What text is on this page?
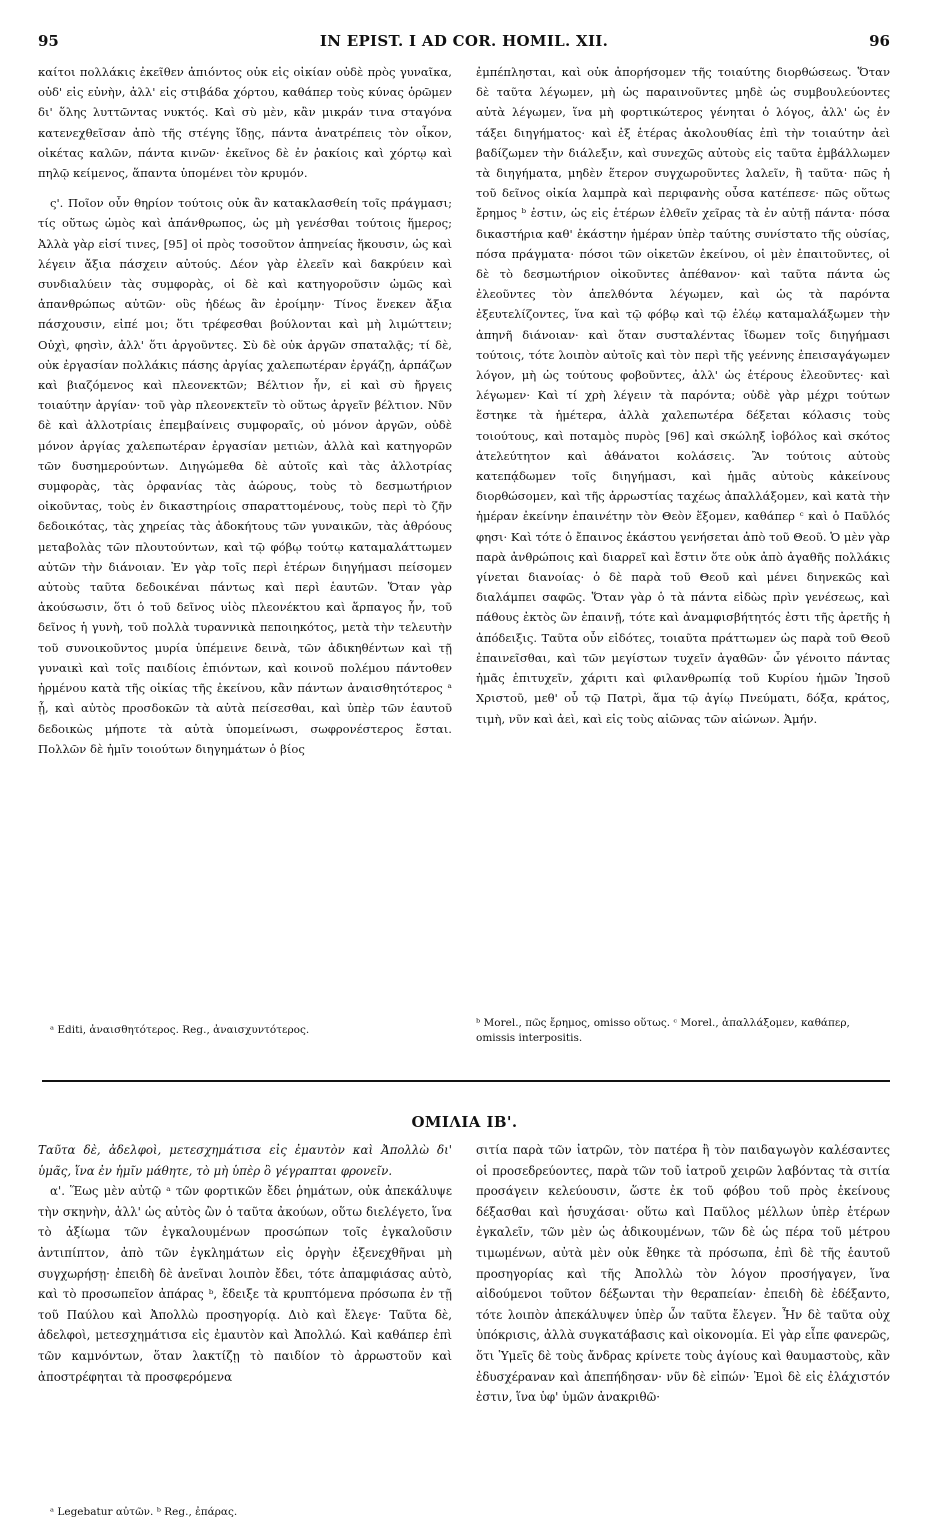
95	IN EPIST. I AD COR. HOMIL. XII.	96

καίτοι πολλάκις ἐκεῖθεν ἀπιόντος οὐκ εἰς οἰκίαν οὐδὲ πρὸς γυναῖκα, οὐδ' εἰς εὐνὴν, ἀλλ' εἰς στιβάδα χόρτου, καθάπερ τοὺς κύνας ὁρῶμεν δι' ὅλης λυττῶντας νυκτός. Καὶ σὺ μὲν, κἂν μικράν τινα σταγόνα κατενεχθεῖσαν ἀπὸ τῆς στέγης ἴδῃς, πάντα ἀνατρέπεις τὸν οἶκον, οἰκέτας καλῶν, πάντα κινῶν· ἐκεῖνος δὲ ἐν ῥακίοις καὶ χόρτῳ καὶ πηλῷ κείμενος, ἅπαντα ὑπομένει τὸν κρυμόν.

ς'. Ποῖον οὖν θηρίον τούτοις οὐκ ἂν κατακλασθείη τοῖς πράγμασι; τίς οὕτως ὠμὸς καὶ ἀπάνθρωπος, ὡς μὴ γενέσθαι τούτοις ἥμερος; Ἀλλὰ γὰρ εἰσί τινες, [95] οἱ πρὸς τοσοῦτον ἀπηνείας ἥκουσιν, ὡς καὶ λέγειν ἄξια πάσχειν αὐτούς. Δέον γὰρ ἐλεεῖν καὶ δακρύειν καὶ συνδιαλύειν τὰς συμφορὰς, οἱ δὲ καὶ κατηγοροῦσιν ὠμῶς καὶ ἀπανθρώπως αὐτῶν· οὓς ἡδέως ἂν ἐροίμην· Τίνος ἕνεκεν ἄξια πάσχουσιν, εἰπέ μοι; ὅτι τρέφεσθαι βούλονται καὶ μὴ λιμώττειν; Οὐχὶ, φησὶν, ἀλλ' ὅτι ἀργοῦντες. Σὺ δὲ οὐκ ἀργῶν σπαταλᾷς; τί δὲ, οὐκ ἐργασίαν πολλάκις πάσης ἀργίας χαλεπωτέραν ἐργάζῃ, ἁρπάζων καὶ βιαζόμενος καὶ πλεονεκτῶν; Βέλτιον ἦν, εἰ καὶ σὺ ἤργεις τοιαύτην ἀργίαν· τοῦ γὰρ πλεονεκτεῖν τὸ οὕτως ἀργεῖν βέλτιον. Νῦν δὲ καὶ ἀλλοτρίαις ἐπεμβαίνεις συμφοραῖς, οὐ μόνον ἀργῶν, οὐδὲ μόνον ἀργίας χαλεπωτέραν ἐργασίαν μετιὼν, ἀλλὰ καὶ κατηγορῶν τῶν δυσημερούντων. Διηγώμεθα δὲ αὐτοῖς καὶ τὰς ἀλλοτρίας συμφορὰς, τὰς ὀρφανίας τὰς ἀώρους, τοὺς τὸ δεσμωτήριον οἰκοῦντας, τοὺς ἐν δικαστηρίοις σπαραττομένους, τοὺς περὶ τὸ ζῆν δεδοικότας, τὰς χηρείας τὰς ἀδοκήτους τῶν γυναικῶν, τὰς ἀθρόους μεταβολὰς τῶν πλουτούντων, καὶ τῷ φόβῳ τούτῳ καταμαλάττωμεν αὐτῶν τὴν διάνοιαν. Ἐν γὰρ τοῖς περὶ ἑτέρων διηγήμασι πείσομεν αὐτοὺς ταῦτα δεδοικέναι πάντως καὶ περὶ ἑαυτῶν. Ὅταν γὰρ ἀκούσωσιν, ὅτι ὁ τοῦ δεῖνος υἱὸς πλεονέκτου καὶ ἅρπαγος ἦν, τοῦ δεῖνος ἡ γυνὴ, τοῦ πολλὰ τυραννικὰ πεποιηκότος, μετὰ τὴν τελευτὴν τοῦ συνοικοῦντος μυρία ὑπέμεινε δεινὰ, τῶν ἀδικηθέντων καὶ τῇ γυναικὶ καὶ τοῖς παιδίοις ἐπιόντων, καὶ κοινοῦ πολέμου πάντοθεν ἠρμένου κατὰ τῆς οἰκίας τῆς ἐκείνου, κἂν πάντων ἀναισθητότερος ᵃ ᾖ, καὶ αὐτὸς προσδοκῶν τὰ αὐτὰ πείσεσθαι, καὶ ὑπὲρ τῶν ἑαυτοῦ δεδοικὼς μήποτε τὰ αὐτὰ ὑπομείνωσι, σωφρονέστερος ἔσται. Πολλῶν δὲ ἡμῖν τοιούτων διηγημάτων ὁ βίος

ἐμπέπλησται, καὶ οὐκ ἀπορήσομεν τῆς τοιαύτης διορθώσεως. Ὅταν δὲ ταῦτα λέγωμεν, μὴ ὡς παραινοῦντες μηδὲ ὡς συμβουλεύοντες αὐτὰ λέγωμεν, ἵνα μὴ φορτικώτερος γένηται ὁ λόγος, ἀλλ' ὡς ἐν τάξει διηγήματος· καὶ ἐξ ἑτέρας ἀκολουθίας ἐπὶ τὴν τοιαύτην ἀεὶ βαδίζωμεν τὴν διάλεξιν, καὶ συνεχῶς αὐτοὺς εἰς ταῦτα ἐμβάλλωμεν τὰ διηγήματα, μηδὲν ἕτερον συγχωροῦντες λαλεῖν, ἢ ταῦτα· πῶς ἡ τοῦ δεῖνος οἰκία λαμπρὰ καὶ περιφανὴς οὖσα κατέπεσε· πῶς οὕτως ἔρημος ᵇ ἐστιν, ὡς εἰς ἑτέρων ἐλθεῖν χεῖρας τὰ ἐν αὐτῇ πάντα· πόσα δικαστήρια καθ' ἑκάστην ἡμέραν ὑπὲρ ταύτης συνίστατο τῆς οὐσίας, πόσα πράγματα· πόσοι τῶν οἰκετῶν ἐκείνου, οἱ μὲν ἐπαιτοῦντες, οἱ δὲ τὸ δεσμωτήριον οἰκοῦντες ἀπέθανον· καὶ ταῦτα πάντα ὡς ἐλεοῦντες τὸν ἀπελθόντα λέγωμεν, καὶ ὡς τὰ παρόντα ἐξευτελίζοντες, ἵνα καὶ τῷ φόβῳ καὶ τῷ ἐλέῳ καταμαλάξωμεν τὴν ἀπηνῆ διάνοιαν· καὶ ὅταν συσταλέντας ἴδωμεν τοῖς διηγήμασι τούτοις, τότε λοιπὸν αὐτοῖς καὶ τὸν περὶ τῆς γεέννης ἐπεισαγάγωμεν λόγον, μὴ ὡς τούτους φοβοῦντες, ἀλλ' ὡς ἑτέρους ἐλεοῦντες· καὶ λέγωμεν· Καὶ τί χρὴ λέγειν τὰ παρόντα; οὐδὲ γὰρ μέχρι τούτων ἕστηκε τὰ ἡμέτερα, ἀλλὰ χαλεπωτέρα δέξεται κόλασις τοὺς τοιούτους, καὶ ποταμὸς πυρὸς [96] καὶ σκώληξ ἰοβόλος καὶ σκότος ἀτελεύτητον καὶ ἀθάνατοι κολάσεις. Ἂν τούτοις αὐτοὺς κατεπᾴδωμεν τοῖς διηγήμασι, καὶ ἡμᾶς αὐτοὺς κἀκείνους διορθώσομεν, καὶ τῆς ἀρρωστίας ταχέως ἀπαλλάξομεν, καὶ κατὰ τὴν ἡμέραν ἐκείνην ἐπαινέτην τὸν Θεὸν ἕξομεν, καθάπερ ᶜ καὶ ὁ Παῦλός φησι· Καὶ τότε ὁ ἔπαινος ἑκάστου γενήσεται ἀπὸ τοῦ Θεοῦ. Ὁ μὲν γὰρ παρὰ ἀνθρώποις καὶ διαρρεῖ καὶ ἔστιν ὅτε οὐκ ἀπὸ ἀγαθῆς πολλάκις γίνεται διανοίας· ὁ δὲ παρὰ τοῦ Θεοῦ καὶ μένει διηνεκῶς καὶ διαλάμπει σαφῶς. Ὅταν γὰρ ὁ τὰ πάντα εἰδὼς πρὶν γενέσεως, καὶ πάθους ἐκτὸς ὢν ἐπαινῇ, τότε καὶ ἀναμφισβήτητός ἐστι τῆς ἀρετῆς ἡ ἀπόδειξις. Ταῦτα οὖν εἰδότες, τοιαῦτα πράττωμεν ὡς παρὰ τοῦ Θεοῦ ἐπαινεῖσθαι, καὶ τῶν μεγίστων τυχεῖν ἀγαθῶν· ὧν γένοιτο πάντας ἡμᾶς ἐπιτυχεῖν, χάριτι καὶ φιλανθρωπίᾳ τοῦ Κυρίου ἡμῶν Ἰησοῦ Χριστοῦ, μεθ' οὗ τῷ Πατρὶ, ἅμα τῷ ἁγίῳ Πνεύματι, δόξα, κράτος, τιμὴ, νῦν καὶ ἀεὶ, καὶ εἰς τοὺς αἰῶνας τῶν αἰώνων. Ἀμήν.

ᵃ Editi, ἀναισθητότερος. Reg., ἀναισχυντότερος.
ᵇ Morel., πῶς ἔρημος, omisso οὕτως. ᶜ Morel., ἀπαλλάξομεν, καθάπερ, omissis interpositis.
ΟΜΙΛΙΑ ΙΒ'.

Ταῦτα δὲ, ἀδελφοὶ, μετεσχημάτισα εἰς ἐμαυτὸν καὶ Ἀπολλὼ δι' ὑμᾶς, ἵνα ἐν ἡμῖν μάθητε, τὸ μὴ ὑπὲρ ὃ γέγραπται φρονεῖν.

α'. Ἕως μὲν αὐτῷ ᵃ τῶν φορτικῶν ἔδει ῥημάτων, οὐκ ἀπεκάλυψε τὴν σκηνὴν, ἀλλ' ὡς αὐτὸς ὢν ὁ ταῦτα ἀκούων, οὕτω διελέγετο, ἵνα τὸ ἀξίωμα τῶν ἐγκαλουμένων προσώπων τοῖς ἐγκαλοῦσιν ἀντιπίπτον, ἀπὸ τῶν ἐγκλημάτων εἰς ὀργὴν ἐξενεχθῆναι μὴ συγχωρήσῃ· ἐπειδὴ δὲ ἀνεῖναι λοιπὸν ἔδει, τότε ἀπαμφιάσας αὐτὸ, καὶ τὸ προσωπεῖον ἀπάρας ᵇ, ἔδειξε τὰ κρυπτόμενα πρόσωπα ἐν τῇ τοῦ Παύλου καὶ Ἀπολλὼ προσηγορίᾳ. Διὸ καὶ ἔλεγε· Ταῦτα δὲ, ἀδελφοὶ, μετεσχημάτισα εἰς ἐμαυτὸν καὶ Ἀπολλώ. Καὶ καθάπερ ἐπὶ τῶν καμνόντων, ὅταν λακτίζῃ τὸ παιδίον τὸ ἀρρωστοῦν καὶ ἀποστρέφηται τὰ προσφερόμενα

σιτία παρὰ τῶν ἰατρῶν, τὸν πατέρα ἢ τὸν παιδαγωγὸν καλέσαντες οἱ προσεδρεύοντες, παρὰ τῶν τοῦ ἰατροῦ χειρῶν λαβόντας τὰ σιτία προσάγειν κελεύουσιν, ὥστε ἐκ τοῦ φόβου τοῦ πρὸς ἐκείνους δέξασθαι καὶ ἡσυχάσαι· οὕτω καὶ Παῦλος μέλλων ὑπὲρ ἑτέρων ἐγκαλεῖν, τῶν μὲν ὡς ἀδικουμένων, τῶν δὲ ὡς πέρα τοῦ μέτρου τιμωμένων, αὐτὰ μὲν οὐκ ἔθηκε τὰ πρόσωπα, ἐπὶ δὲ τῆς ἑαυτοῦ προσηγορίας καὶ τῆς Ἀπολλὼ τὸν λόγον προσήγαγεν, ἵνα αἰδούμενοι τοῦτον δέξωνται τὴν θεραπείαν· ἐπειδὴ δὲ ἐδέξαντο, τότε λοιπὸν ἀπεκάλυψεν ὑπὲρ ὧν ταῦτα ἔλεγεν. Ἦν δὲ ταῦτα οὐχ ὑπόκρισις, ἀλλὰ συγκατάβασις καὶ οἰκονομία. Εἰ γὰρ εἶπε φανερῶς, ὅτι Ὑμεῖς δὲ τοὺς ἄνδρας κρίνετε τοὺς ἁγίους καὶ θαυμαστοὺς, κἂν ἐδυσχέραναν καὶ ἀπεπήδησαν· νῦν δὲ εἰπών· Ἐμοὶ δὲ εἰς ἐλάχιστόν ἐστιν, ἵνα ὑφ' ὑμῶν ἀνακριθῶ·

ᵃ Legebatur αὐτῶν. ᵇ Reg., ἐπάρας.
